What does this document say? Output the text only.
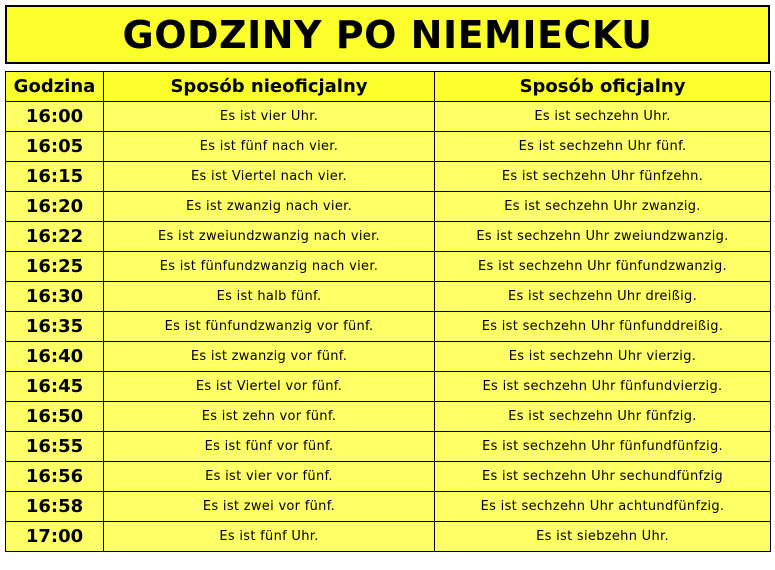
GODZINY PO NIEMIECKU
Godzina	Sposób nieoficjalny	Sposób oficjalny
16:00	Es ist vier Uhr.	Es ist sechzehn Uhr.
16:05	Es ist fünf nach vier.	Es ist sechzehn Uhr fünf.
16:15	Es ist Viertel nach vier.	Es ist sechzehn Uhr fünfzehn.
16:20	Es ist zwanzig nach vier.	Es ist sechzehn Uhr zwanzig.
16:22	Es ist zweiundzwanzig nach vier.	Es ist sechzehn Uhr zweiundzwanzig.
16:25	Es ist fünfundzwanzig nach vier.	Es ist sechzehn Uhr fünfundzwanzig.
16:30	Es ist halb fünf.	Es ist sechzehn Uhr dreißig.
16:35	Es ist fünfundzwanzig vor fünf.	Es ist sechzehn Uhr fünfunddreißig.
16:40	Es ist zwanzig vor fünf.	Es ist sechzehn Uhr vierzig.
16:45	Es ist Viertel vor fünf.	Es ist sechzehn Uhr fünfundvierzig.
16:50	Es ist zehn vor fünf.	Es ist sechzehn Uhr fünfzig.
16:55	Es ist fünf vor fünf.	Es ist sechzehn Uhr fünfundfünfzig.
16:56	Es ist vier vor fünf.	Es ist sechzehn Uhr sechundfünfzig
16:58	Es ist zwei vor fünf.	Es ist sechzehn Uhr achtundfünfzig.
17:00	Es ist fünf Uhr.	Es ist siebzehn Uhr.
